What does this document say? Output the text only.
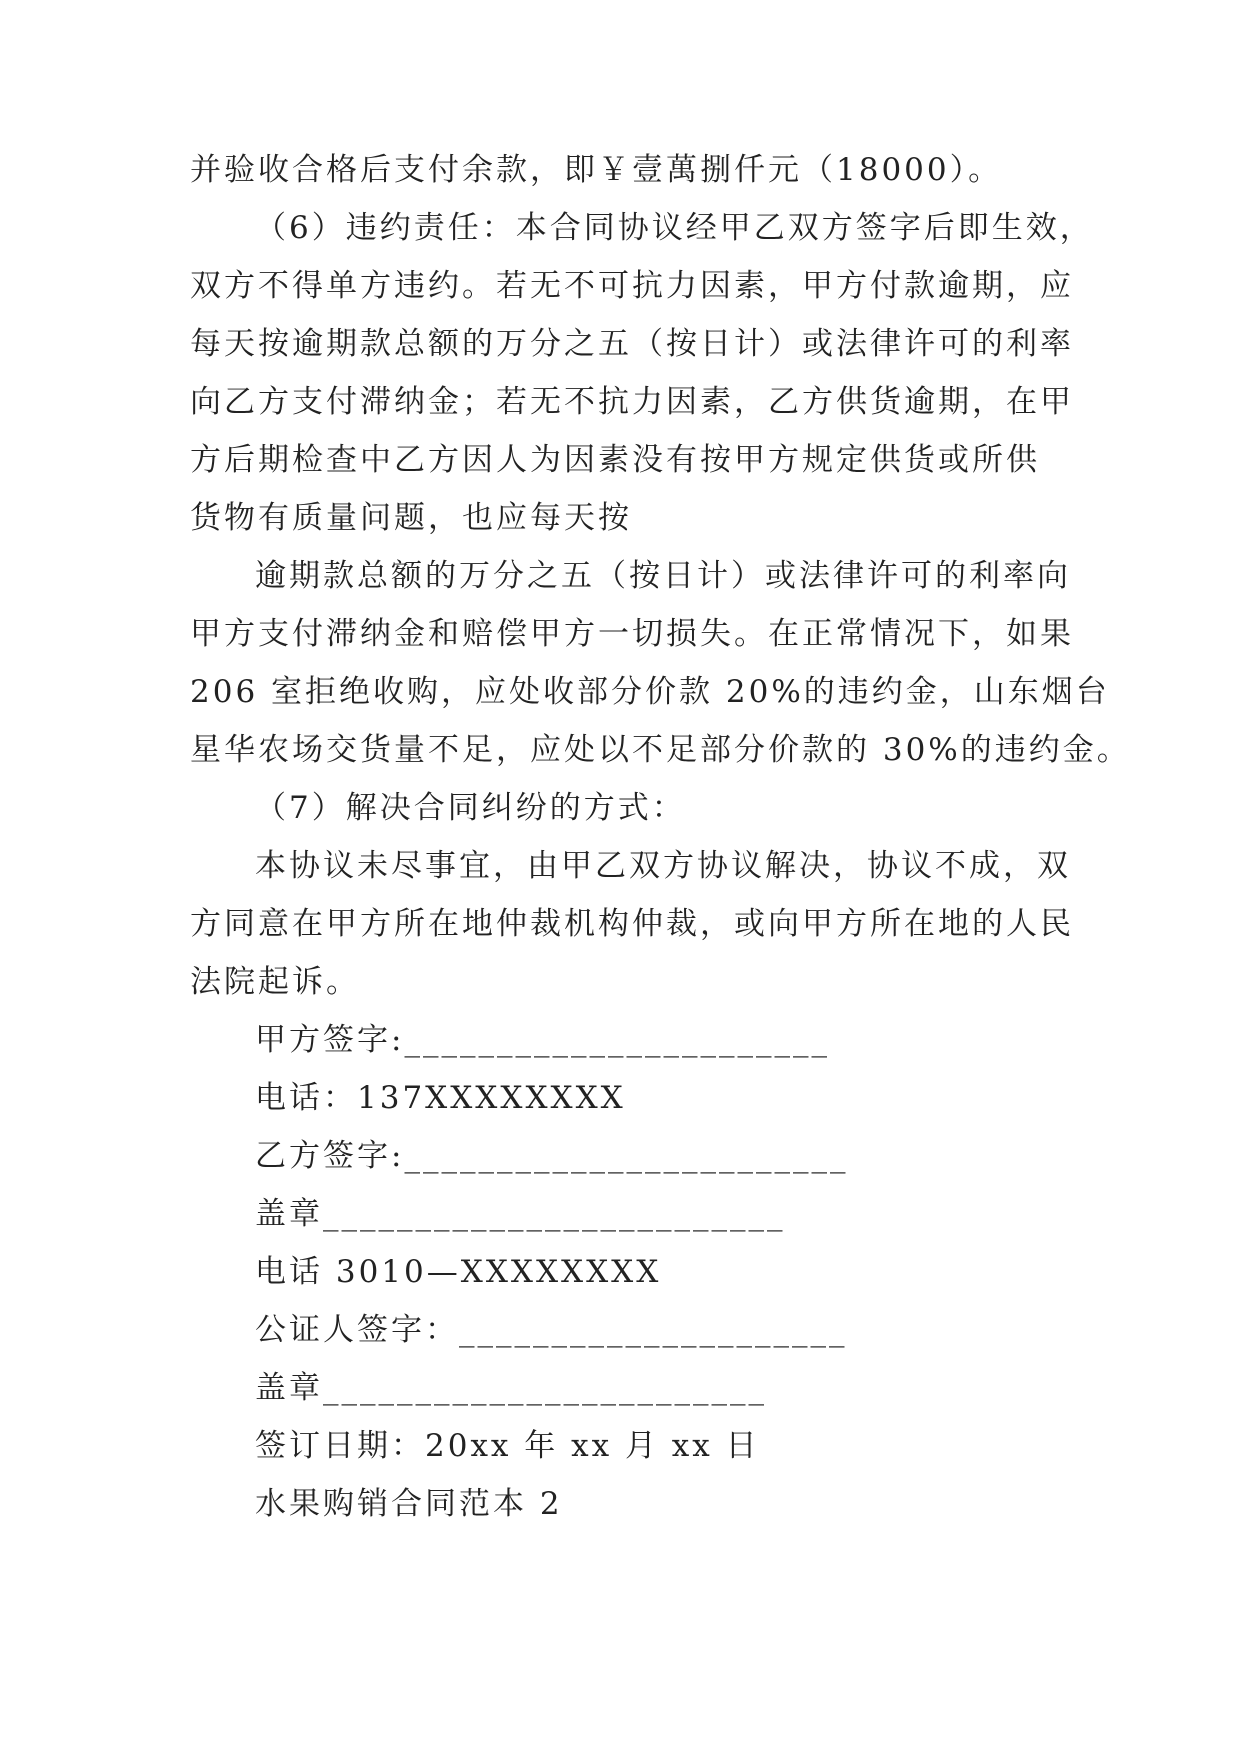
并验收合格后支付余款，即￥壹萬捌仟元（18000）。
（6）违约责任：本合同协议经甲乙双方签字后即生效，
双方不得单方违约。若无不可抗力因素，甲方付款逾期，应
每天按逾期款总额的万分之五（按日计）或法律许可的利率
向乙方支付滞纳金；若无不抗力因素，乙方供货逾期，在甲
方后期检查中乙方因人为因素没有按甲方规定供货或所供
货物有质量问题，也应每天按
逾期款总额的万分之五（按日计）或法律许可的利率向
甲方支付滞纳金和赔偿甲方一切损失。在正常情况下，如果
206 室拒绝收购，应处收部分价款 20%的违约金，山东烟台
星华农场交货量不足，应处以不足部分价款的 30%的违约金。
（7）解决合同纠纷的方式：
本协议未尽事宜，由甲乙双方协议解决，协议不成，双
方同意在甲方所在地仲裁机构仲裁，或向甲方所在地的人民
法院起诉。
甲方签字:_______________________
电话：137XXXXXXXX
乙方签字:________________________
盖章_________________________
电话 3010—XXXXXXXX
公证人签字：_____________________
盖章________________________
签订日期：20xx 年 xx 月 xx 日
水果购销合同范本 2
